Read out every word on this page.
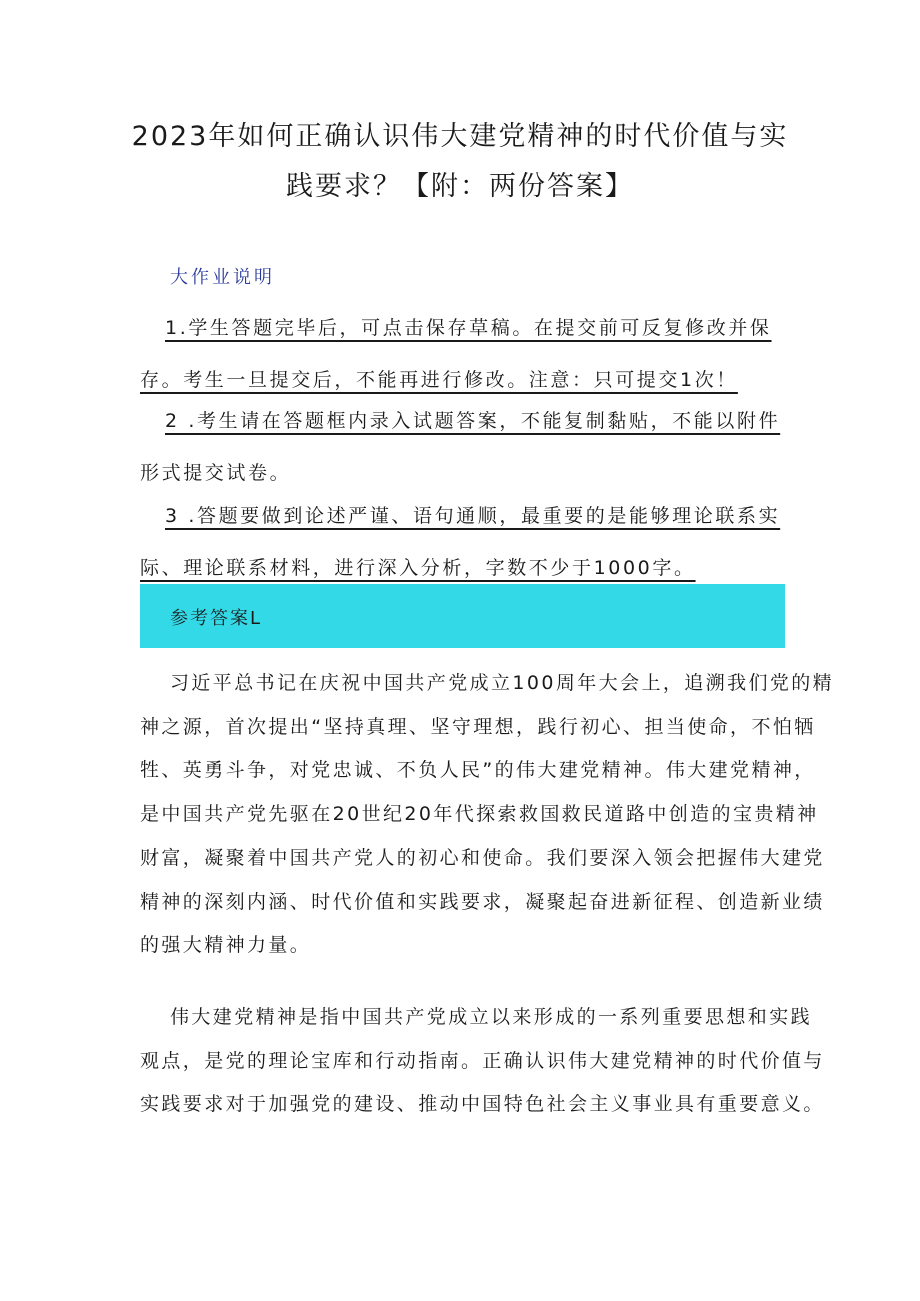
2023年如何正确认识伟大建党精神的时代价值与实
践要求？【附：两份答案】
大作业说明
1.学生答题完毕后，可点击保存草稿。在提交前可反复修改并保
存。考生一旦提交后，不能再进行修改。注意：只可提交1次！
2 .考生请在答题框内录入试题答案，不能复制黏贴，不能以附件
形式提交试卷。
3 .答题要做到论述严谨、语句通顺，最重要的是能够理论联系实
际、理论联系材料，进行深入分析，字数不少于1000字。
参考答案L
习近平总书记在庆祝中国共产党成立100周年大会上，追溯我们党的精
神之源，首次提出“坚持真理、坚守理想，践行初心、担当使命，不怕牺
牲、英勇斗争，对党忠诚、不负人民”的伟大建党精神。伟大建党精神，
是中国共产党先驱在20世纪20年代探索救国救民道路中创造的宝贵精神
财富，凝聚着中国共产党人的初心和使命。我们要深入领会把握伟大建党
精神的深刻内涵、时代价值和实践要求，凝聚起奋进新征程、创造新业绩
的强大精神力量。
伟大建党精神是指中国共产党成立以来形成的一系列重要思想和实践
观点，是党的理论宝库和行动指南。正确认识伟大建党精神的时代价值与
实践要求对于加强党的建设、推动中国特色社会主义事业具有重要意义。
